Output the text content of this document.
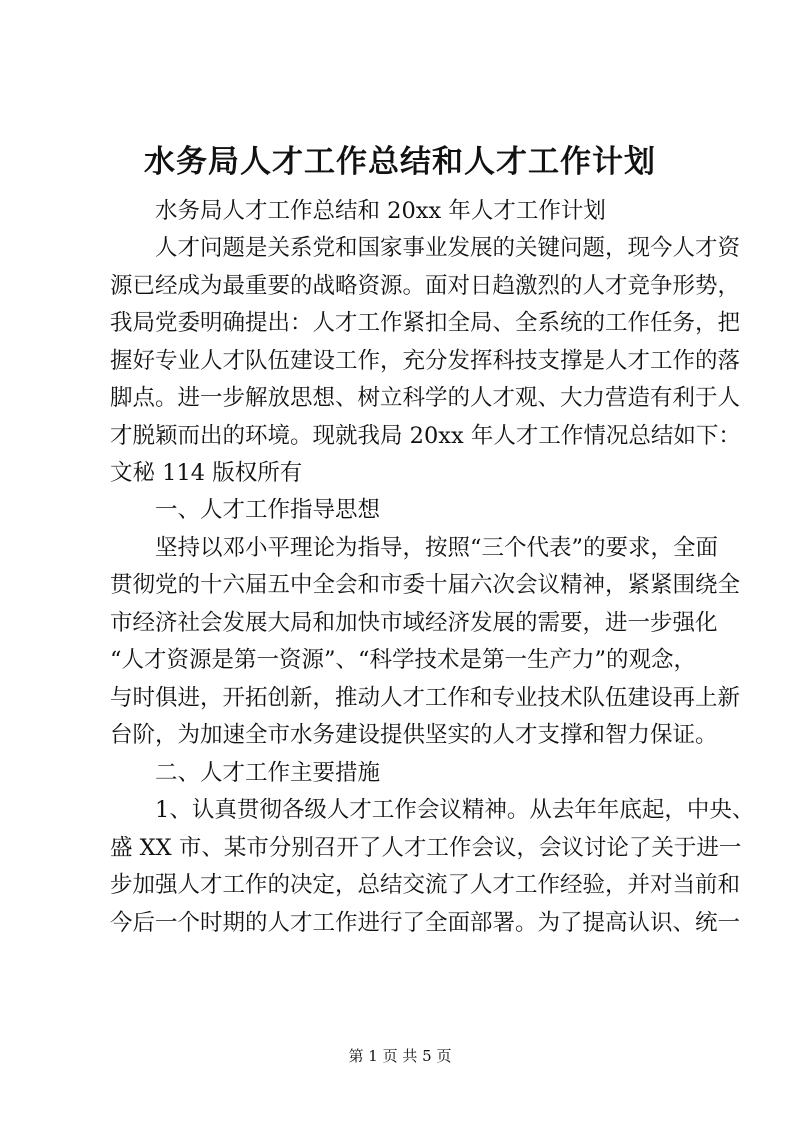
水务局人才工作总结和人才工作计划

　　水务局人才工作总结和 20xx 年人才工作计划

　　人才问题是关系党和国家事业发展的关键问题，现今人才资

源已经成为最重要的战略资源。面对日趋激烈的人才竞争形势，

我局党委明确提出：人才工作紧扣全局、全系统的工作任务，把

握好专业人才队伍建设工作，充分发挥科技支撑是人才工作的落

脚点。进一步解放思想、树立科学的人才观、大力营造有利于人

才脱颖而出的环境。现就我局 20xx 年人才工作情况总结如下：

文秘 114 版权所有

　　一、人才工作指导思想

　　坚持以邓小平理论为指导，按照“三个代表”的要求，全面

贯彻党的十六届五中全会和市委十届六次会议精神，紧紧围绕全

市经济社会发展大局和加快市域经济发展的需要，进一步强化

“人才资源是第一资源”、“科学技术是第一生产力”的观念，

与时俱进，开拓创新，推动人才工作和专业技术队伍建设再上新

台阶，为加速全市水务建设提供坚实的人才支撑和智力保证。

　　二、人才工作主要措施

　　1、认真贯彻各级人才工作会议精神。从去年年底起，中央、

盛 XX 市、某市分别召开了人才工作会议，会议讨论了关于进一

步加强人才工作的决定，总结交流了人才工作经验，并对当前和

今后一个时期的人才工作进行了全面部署。为了提高认识、统一

第 1 页 共 5 页
